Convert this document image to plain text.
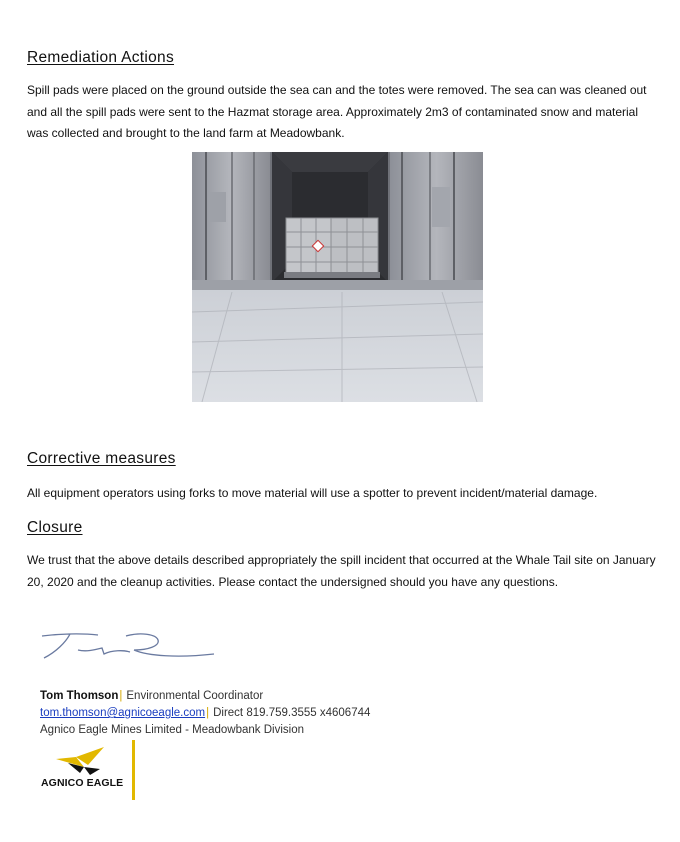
Remediation Actions

Spill pads were placed on the ground outside the sea can and the totes were removed. The sea can was cleaned out and all the spill pads were sent to the Hazmat storage area. Approximately 2m3 of contaminated snow and material was collected and brought to the land farm at Meadowbank.

Corrective measures

All equipment operators using forks to move material will use a spotter to prevent incident/material damage.

Closure

We trust that the above details described appropriately the spill incident that occurred at the Whale Tail site on January 20, 2020 and the cleanup activities. Please contact the undersigned should you have any questions.

Tom Thomson| Environmental Coordinator
tom.thomson@agnicoeagle.com| Direct 819.759.3555 x4606744
Agnico Eagle Mines Limited - Meadowbank Division
AGNICO EAGLE
